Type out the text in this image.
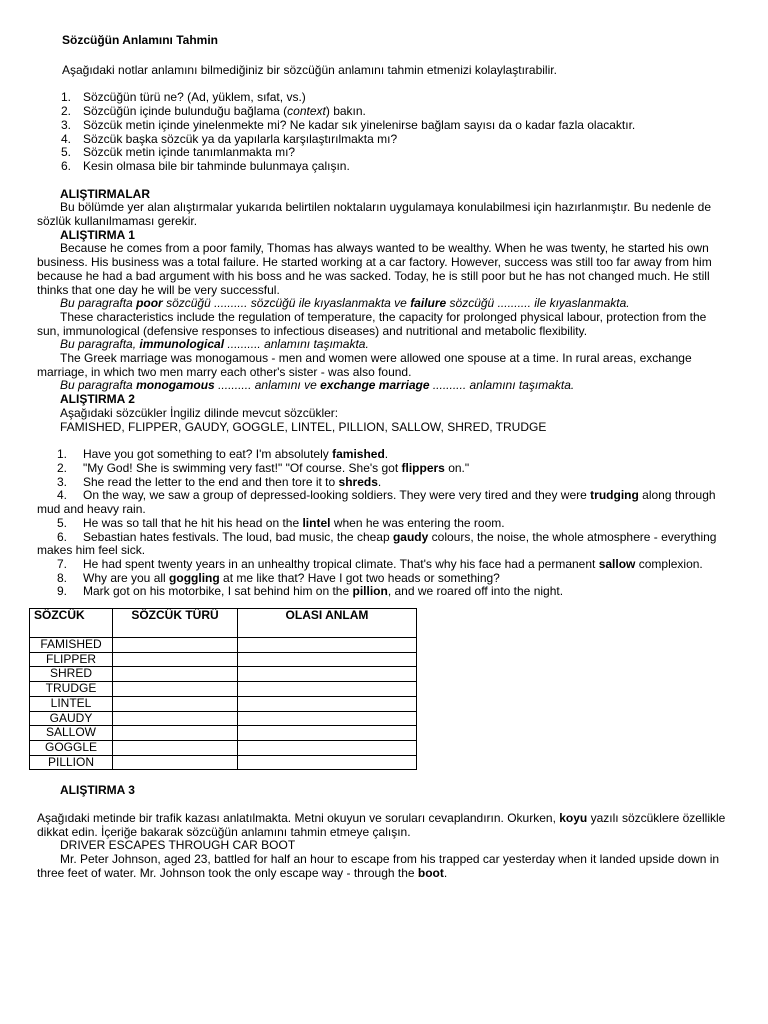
Sözcüğün Anlamını Tahmin

Aşağıdaki notlar anlamını bilmediğiniz bir sözcüğün anlamını tahmin etmenizi kolaylaştırabilir.

1. Sözcüğün türü ne? (Ad, yüklem, sıfat, vs.)
2. Sözcüğün içinde bulunduğu bağlama (context) bakın.
3. Sözcük metin içinde yinelenmekte mi? Ne kadar sık yinelenirse bağlam sayısı da o kadar fazla olacaktır.
4. Sözcük başka sözcük ya da yapılarla karşılaştırılmakta mı?
5. Sözcük metin içinde tanımlanmakta mı?
6. Kesin olmasa bile bir tahminde bulunmaya çalışın.
ALIŞTIRMALAR

Bu bölümde yer alan alıştırmalar yukarıda belirtilen noktaların uygulamaya konulabilmesi için hazırlanmıştır. Bu nedenle de sözlük kullanılmaması gerekir.

ALIŞTIRMA 1

Because he comes from a poor family, Thomas has always wanted to be wealthy. When he was twenty, he started his own business. His business was a total failure. He started working at a car factory. However, success was still too far away from him because he had a bad argument with his boss and he was sacked. Today, he is still poor but he has not changed much. He still thinks that one day he will be very successful.

Bu paragrafta poor sözcüğü .......... sözcüğü ile kıyaslanmakta ve failure sözcüğü .......... ile kıyaslanmakta.

These characteristics include the regulation of temperature, the capacity for prolonged physical labour, protection from the sun, immunological (defensive responses to infectious diseases) and nutritional and metabolic flexibility.

Bu paragrafta, immunological .......... anlamını taşımakta.

The Greek marriage was monogamous - men and women were allowed one spouse at a time. In rural areas, exchange marriage, in which two men marry each other's sister - was also found.

Bu paragrafta monogamous .......... anlamını ve exchange marriage .......... anlamını taşımakta.

ALIŞTIRMA 2

Aşağıdaki sözcükler İngiliz dilinde mevcut sözcükler:

FAMISHED, FLIPPER, GAUDY, GOGGLE, LINTEL, PILLION, SALLOW, SHRED, TRUDGE

1. Have you got something to eat? I'm absolutely famished.
2. "My God! She is swimming very fast!" "Of course. She's got flippers on."
3. She read the letter to the end and then tore it to shreds.
4. On the way, we saw a group of depressed-looking soldiers. They were very tired and they were trudging along through mud and heavy rain.
5. He was so tall that he hit his head on the lintel when he was entering the room.
6. Sebastian hates festivals. The loud, bad music, the cheap gaudy colours, the noise, the whole atmosphere - everything makes him feel sick.
7. He had spent twenty years in an unhealthy tropical climate. That's why his face had a permanent sallow complexion.
8. Why are you all goggling at me like that? Have I got two heads or something?
9. Mark got on his motorbike, I sat behind him on the pillion, and we roared off into the night.
SÖZCÜK	SÖZCÜK TÜRÜ	OLASI ANLAM
FAMISHED		
FLIPPER		
SHRED		
TRUDGE		
LINTEL		
GAUDY		
SALLOW		
GOGGLE		
PILLION		
ALIŞTIRMA 3

Aşağıdaki metinde bir trafik kazası anlatılmakta. Metni okuyun ve soruları cevaplandırın. Okurken, koyu yazılı sözcüklere özellikle dikkat edin. İçeriğe bakarak sözcüğün anlamını tahmin etmeye çalışın.

DRIVER ESCAPES THROUGH CAR BOOT

Mr. Peter Johnson, aged 23, battled for half an hour to escape from his trapped car yesterday when it landed upside down in three feet of water. Mr. Johnson took the only escape way - through the boot.
